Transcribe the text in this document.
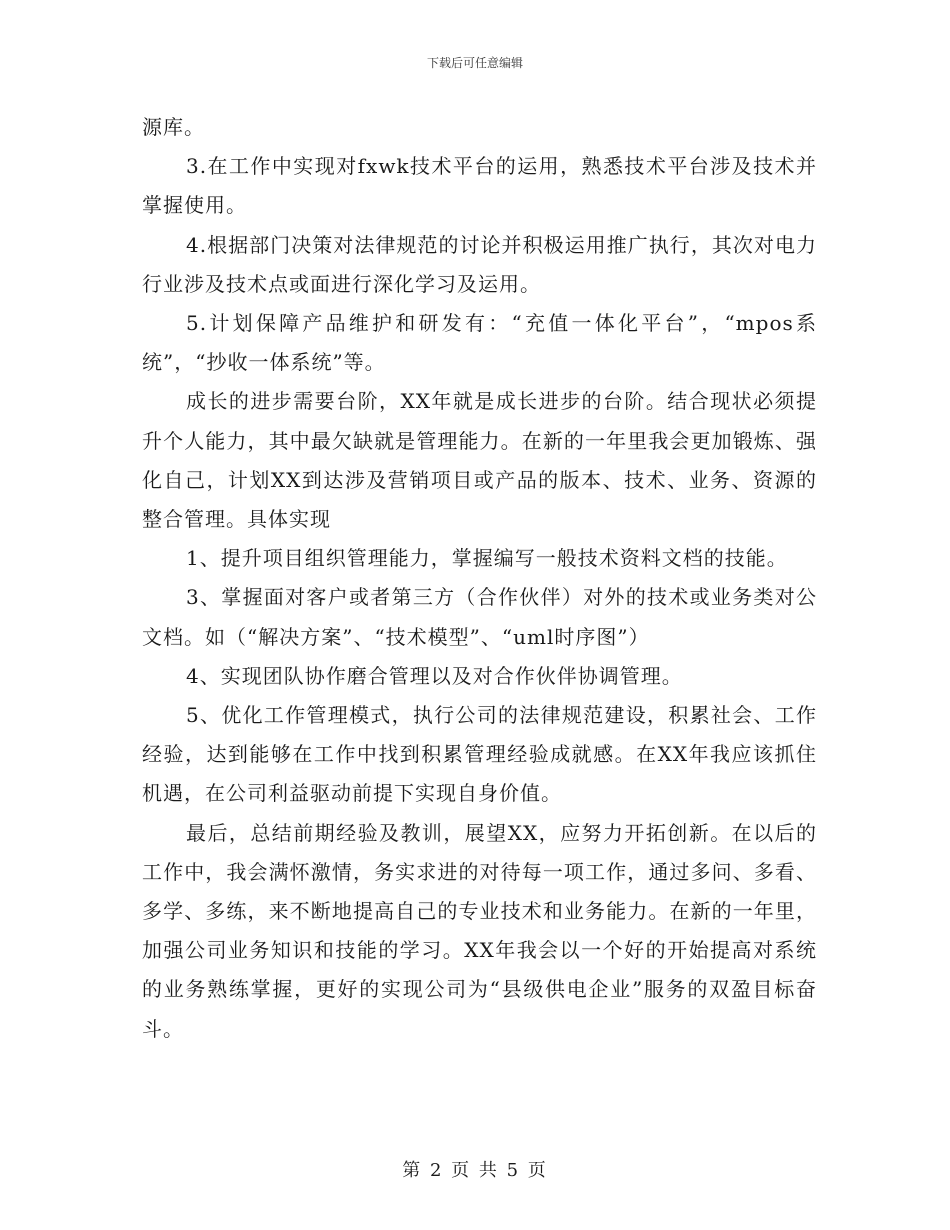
下载后可任意编辑

源库。

3.在工作中实现对fxwk技术平台的运用，熟悉技术平台涉及技术并掌握使用。

4.根据部门决策对法律规范的讨论并积极运用推广执行，其次对电力行业涉及技术点或面进行深化学习及运用。

5.计划保障产品维护和研发有：“充值一体化平台”，“mpos系统”，“抄收一体系统”等。

成长的进步需要台阶，XX年就是成长进步的台阶。结合现状必须提升个人能力，其中最欠缺就是管理能力。在新的一年里我会更加锻炼、强化自己，计划XX到达涉及营销项目或产品的版本、技术、业务、资源的整合管理。具体实现

1、提升项目组织管理能力，掌握编写一般技术资料文档的技能。

3、掌握面对客户或者第三方（合作伙伴）对外的技术或业务类对公文档。如（“解决方案”、“技术模型”、“uml时序图”）

4、实现团队协作磨合管理以及对合作伙伴协调管理。

5、优化工作管理模式，执行公司的法律规范建设，积累社会、工作经验，达到能够在工作中找到积累管理经验成就感。在XX年我应该抓住机遇，在公司利益驱动前提下实现自身价值。

最后，总结前期经验及教训，展望XX，应努力开拓创新。在以后的工作中，我会满怀激情，务实求进的对待每一项工作，通过多问、多看、多学、多练，来不断地提高自己的专业技术和业务能力。在新的一年里，加强公司业务知识和技能的学习。XX年我会以一个好的开始提高对系统的业务熟练掌握，更好的实现公司为“县级供电企业”服务的双盈目标奋斗。

第 2 页 共 5 页
